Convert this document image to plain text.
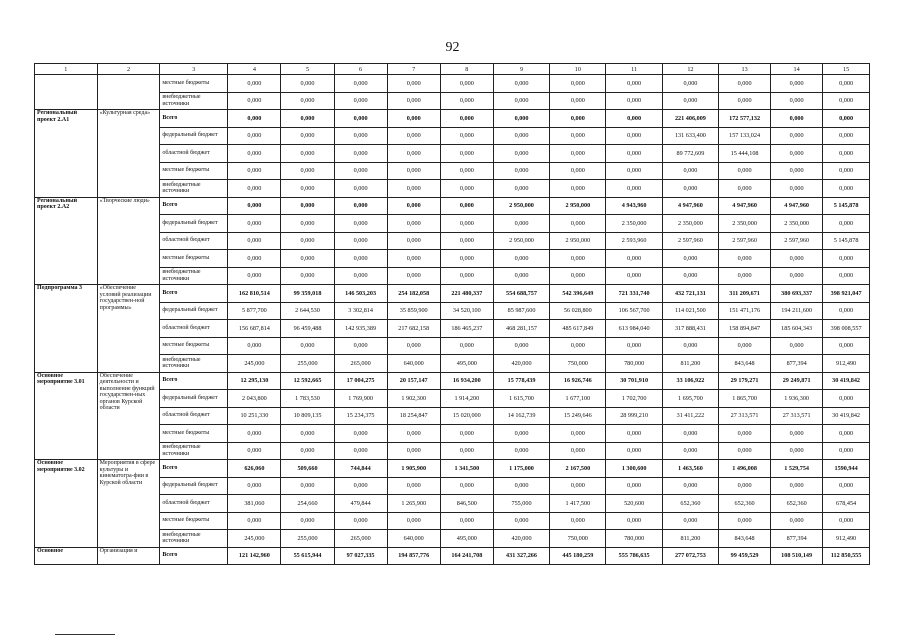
92
1	2	3	4	5	6	7	8	9	10	11	12	13	14	15
		местные бюджеты	0,000	0,000	0,000	0,000	0,000	0,000	0,000	0,000	0,000	0,000	0,000	0,000
		внебюджетные источники	0,000	0,000	0,000	0,000	0,000	0,000	0,000	0,000	0,000	0,000	0,000	0,000
Региональный проект 2.А1	«Культурная среда»	Всего	0,000	0,000	0,000	0,000	0,000	0,000	0,000	0,000	221 406,009	172 577,132	0,000	0,000
		федеральный бюджет	0,000	0,000	0,000	0,000	0,000	0,000	0,000	0,000	131 633,400	157 133,024	0,000	0,000
		областной бюджет	0,000	0,000	0,000	0,000	0,000	0,000	0,000	0,000	89 772,609	15 444,108	0,000	0,000
		местные бюджеты	0,000	0,000	0,000	0,000	0,000	0,000	0,000	0,000	0,000	0,000	0,000	0,000
		внебюджетные источники	0,000	0,000	0,000	0,000	0,000	0,000	0,000	0,000	0,000	0,000	0,000	0,000
Региональный проект 2.А2	«Творческие люди»	Всего	0,000	0,000	0,000	0,000	0,000	2 950,000	2 950,000	4 943,960	4 947,960	4 947,960	4 947,960	5 145,878
		федеральный бюджет	0,000	0,000	0,000	0,000	0,000	0,000	0,000	2 350,000	2 350,000	2 350,000	2 350,000	0,000
		областной бюджет	0,000	0,000	0,000	0,000	0,000	2 950,000	2 950,000	2 593,960	2 597,960	2 597,960	2 597,960	5 145,878
		местные бюджеты	0,000	0,000	0,000	0,000	0,000	0,000	0,000	0,000	0,000	0,000	0,000	0,000
		внебюджетные источники	0,000	0,000	0,000	0,000	0,000	0,000	0,000	0,000	0,000	0,000	0,000	0,000
Подпрограмма 3	«Обеспечение условий реализации государствен-ной программы»	Всего	162 810,514	99 359,018	146 503,203	254 182,058	221 480,337	554 688,757	542 396,649	721 331,740	432 721,131	311 209,671	380 693,337	398 921,047
		федеральный бюджет	5 877,700	2 644,530	3 302,814	35 859,900	34 520,100	85 987,600	56 028,800	106 567,700	114 021,500	151 471,176	194 211,600	0,000
		областной бюджет	156 687,814	96 459,488	142 935,389	217 682,158	186 465,237	468 281,157	485 617,849	613 984,040	317 888,431	158 894,847	185 604,343	398 008,557
		местные бюджеты	0,000	0,000	0,000	0,000	0,000	0,000	0,000	0,000	0,000	0,000	0,000	0,000
		внебюджетные источники	245,000	255,000	265,000	640,000	495,000	420,000	750,000	780,000	811,200	843,648	877,394	912,490
Основное мероприятие 3.01	Обеспечение деятельности и выполнение функций государствен-ных органов Курской области	Всего	12 295,130	12 592,665	17 004,275	20 157,147	16 934,200	15 778,439	16 926,746	30 701,910	33 106,922	29 179,271	29 249,871	30 419,842
		федеральный бюджет	2 043,800	1 783,530	1 769,900	1 902,300	1 914,200	1 615,700	1 677,100	1 702,700	1 695,700	1 865,700	1 936,300	0,000
		областной бюджет	10 251,330	10 809,135	15 234,375	18 254,847	15 020,000	14 162,739	15 249,646	28 999,210	31 411,222	27 313,571	27 313,571	30 419,842
		местные бюджеты	0,000	0,000	0,000	0,000	0,000	0,000	0,000	0,000	0,000	0,000	0,000	0,000
		внебюджетные источники	0,000	0,000	0,000	0,000	0,000	0,000	0,000	0,000	0,000	0,000	0,000	0,000
Основное мероприятие 3.02	Мероприятия в сфере культуры и кинематогра-фии в Курской области	Всего	626,060	509,660	744,844	1 905,900	1 341,500	1 175,000	2 167,500	1 300,600	1 463,560	1 496,008	1 529,754	1590,944
		федеральный бюджет	0,000	0,000	0,000	0,000	0,000	0,000	0,000	0,000	0,000	0,000	0,000	0,000
		областной бюджет	381,060	254,660	479,844	1 265,900	846,500	755,000	1 417,500	520,600	652,360	652,360	652,360	678,454
		местные бюджеты	0,000	0,000	0,000	0,000	0,000	0,000	0,000	0,000	0,000	0,000	0,000	0,000
		внебюджетные источники	245,000	255,000	265,000	640,000	495,000	420,000	750,000	780,000	811,200	843,648	877,394	912,490
Основное	Организация и	Всего	121 142,960	55 615,944	97 027,335	194 857,776	164 241,708	431 327,266	445 180,259	555 786,635	277 072,753	99 459,529	108 510,149	112 850,555
